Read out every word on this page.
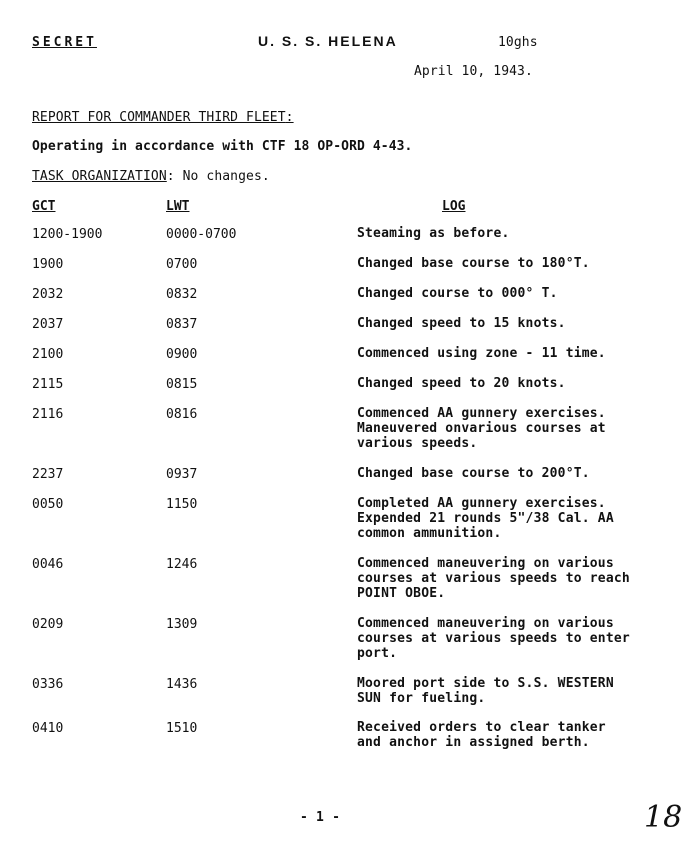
SECRET	U. S. S. HELENA	10ghs
April 10, 1943.
REPORT FOR COMMANDER THIRD FLEET:
Operating in accordance with CTF 18 OP-ORD 4-43.
TASK ORGANIZATION: No changes.
GCT	LWT	LOG
1200-1900	0000-0700	Steaming as before.
1900	0700	Changed base course to 180°T.
2032	0832	Changed course to 000° T.
2037	0837	Changed speed to 15 knots.
2100	0900	Commenced using zone - 11 time.
2115	0815	Changed speed to 20 knots.
2116	0816	Commenced AA gunnery exercises.
Maneuvered onvarious courses at
various speeds.
2237	0937	Changed base course to 200°T.
0050	1150	Completed AA gunnery exercises.
Expended 21 rounds 5"/38 Cal. AA
common ammunition.
0046	1246	Commenced maneuvering on various
courses at various speeds to reach
POINT OBOE.
0209	1309	Commenced maneuvering on various
courses at various speeds to enter
port.
0336	1436	Moored port side to S.S. WESTERN
SUN for fueling.
0410	1510	Received orders to clear tanker
and anchor in assigned berth.
- 1 -	18
